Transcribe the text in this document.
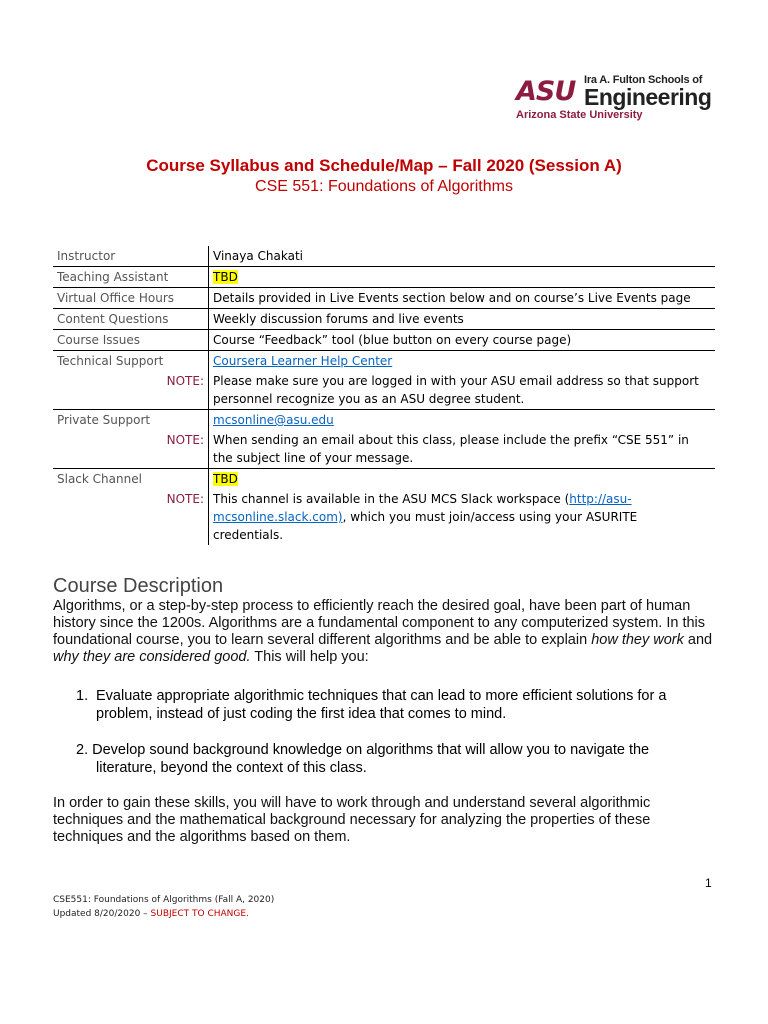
ASU Ira A. Fulton Schools of
Engineering
Arizona State University
Course Syllabus and Schedule/Map – Fall 2020 (Session A)
CSE 551: Foundations of Algorithms
Instructor	Vinaya Chakati
Teaching Assistant	TBD
Virtual Office Hours	Details provided in Live Events section below and on course’s Live Events page
Content Questions	Weekly discussion forums and live events
Course Issues	Course “Feedback” tool (blue button on every course page)
Technical Support	Coursera Learner Help Center
NOTE:	Please make sure you are logged in with your ASU email address so that support personnel recognize you as an ASU degree student.
Private Support	mcsonline@asu.edu
NOTE:	When sending an email about this class, please include the prefix “CSE 551” in the subject line of your message.
Slack Channel	TBD
NOTE:	This channel is available in the ASU MCS Slack workspace (http://asu-mcsonline.slack.com), which you must join/access using your ASURITE credentials.
Course Description
Algorithms, or a step-by-step process to efficiently reach the desired goal, have been part of human history since the 1200s. Algorithms are a fundamental component to any computerized system. In this foundational course, you to learn several different algorithms and be able to explain how they work and why they are considered good. This will help you:
1. Evaluate appropriate algorithmic techniques that can lead to more efficient solutions for a problem, instead of just coding the first idea that comes to mind.
2. Develop sound background knowledge on algorithms that will allow you to navigate the
literature, beyond the context of this class.
In order to gain these skills, you will have to work through and understand several algorithmic techniques and the mathematical background necessary for analyzing the properties of these techniques and the algorithms based on them.
1
CSE551: Foundations of Algorithms (Fall A, 2020)
Updated 8/20/2020 – SUBJECT TO CHANGE.
